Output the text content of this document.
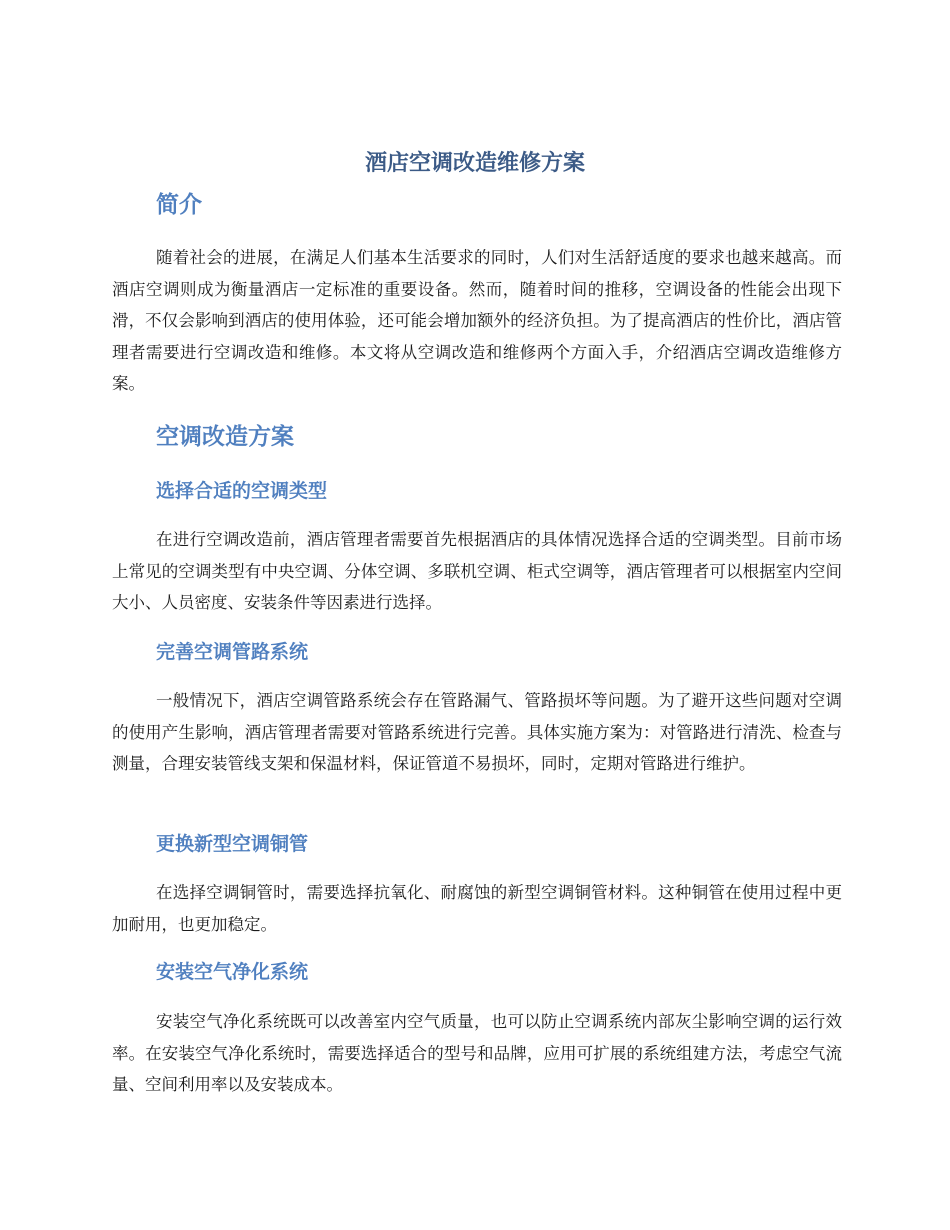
酒店空调改造维修方案
简介

随着社会的进展，在满足人们基本生活要求的同时，人们对生活舒适度的要求也越来越高。而酒店空调则成为衡量酒店一定标准的重要设备。然而，随着时间的推移，空调设备的性能会出现下滑，不仅会影响到酒店的使用体验，还可能会增加额外的经济负担。为了提高酒店的性价比，酒店管理者需要进行空调改造和维修。本文将从空调改造和维修两个方面入手，介绍酒店空调改造维修方案。

空调改造方案
选择合适的空调类型

在进行空调改造前，酒店管理者需要首先根据酒店的具体情况选择合适的空调类型。目前市场上常见的空调类型有中央空调、分体空调、多联机空调、柜式空调等，酒店管理者可以根据室内空间大小、人员密度、安装条件等因素进行选择。

完善空调管路系统

一般情况下，酒店空调管路系统会存在管路漏气、管路损坏等问题。为了避开这些问题对空调的使用产生影响，酒店管理者需要对管路系统进行完善。具体实施方案为：对管路进行清洗、检查与测量，合理安装管线支架和保温材料，保证管道不易损坏，同时，定期对管路进行维护。

更换新型空调铜管

在选择空调铜管时，需要选择抗氧化、耐腐蚀的新型空调铜管材料。这种铜管在使用过程中更加耐用，也更加稳定。

安装空气净化系统

安装空气净化系统既可以改善室内空气质量，也可以防止空调系统内部灰尘影响空调的运行效率。在安装空气净化系统时，需要选择适合的型号和品牌，应用可扩展的系统组建方法，考虑空气流量、空间利用率以及安装成本。
